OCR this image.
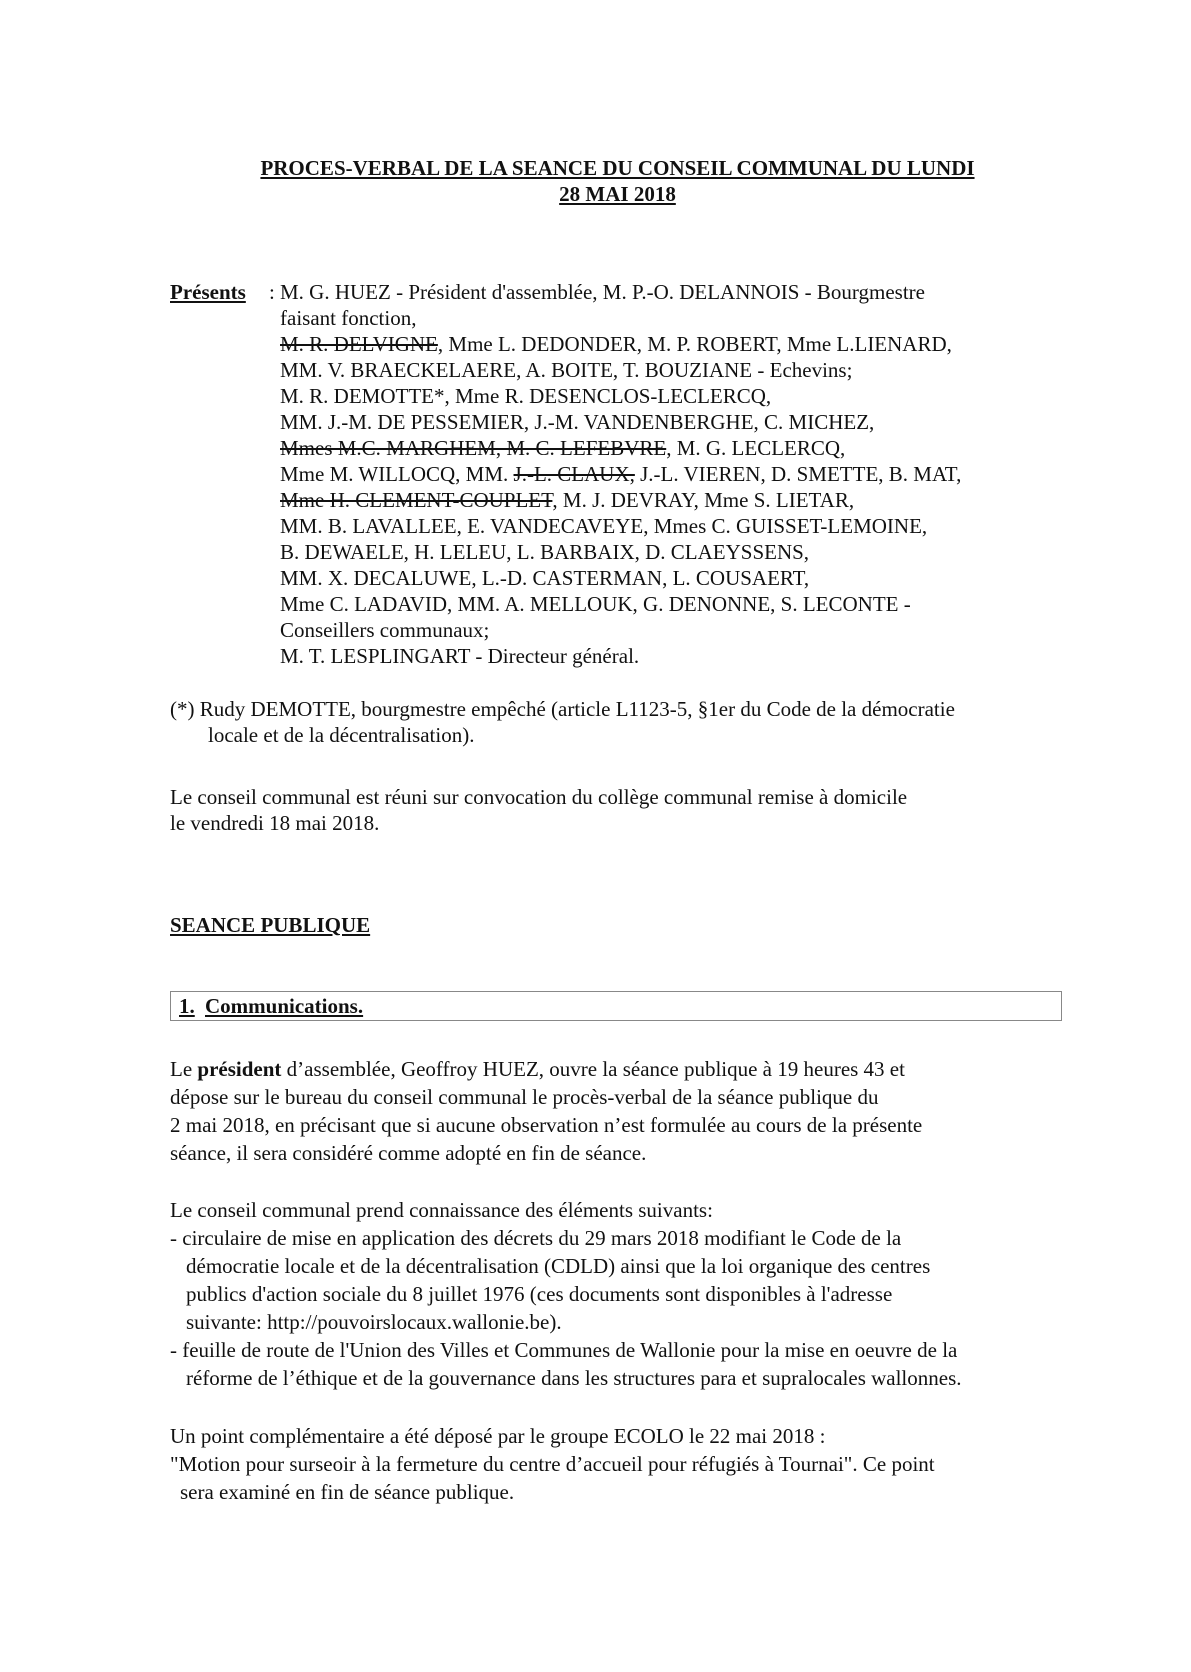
PROCES-VERBAL DE LA SEANCE DU CONSEIL COMMUNAL DU LUNDI
28 MAI 2018
Présents : M. G. HUEZ - Président d'assemblée, M. P.-O. DELANNOIS - Bourgmestre
faisant fonction,
M. R. DELVIGNE, Mme L. DEDONDER, M. P. ROBERT, Mme L.LIENARD,
MM. V. BRAECKELAERE, A. BOITE, T. BOUZIANE - Echevins;
M. R. DEMOTTE*, Mme R. DESENCLOS-LECLERCQ,
MM. J.-M. DE PESSEMIER, J.-M. VANDENBERGHE, C. MICHEZ,
Mmes M.C. MARGHEM, M. C. LEFEBVRE, M. G. LECLERCQ,
Mme M. WILLOCQ, MM. J.-L. CLAUX, J.-L. VIEREN, D. SMETTE, B. MAT,
Mme H. CLEMENT-COUPLET, M. J. DEVRAY, Mme S. LIETAR,
MM. B. LAVALLEE, E. VANDECAVEYE, Mmes C. GUISSET-LEMOINE,
B. DEWAELE, H. LELEU, L. BARBAIX, D. CLAEYSSENS,
MM. X. DECALUWE, L.-D. CASTERMAN, L. COUSAERT,
Mme C. LADAVID, MM. A. MELLOUK, G. DENONNE, S. LECONTE -
Conseillers communaux;
M. T. LESPLINGART - Directeur général.
(*) Rudy DEMOTTE, bourgmestre empêché (article L1123-5, §1er du Code de la démocratie
locale et de la décentralisation).
Le conseil communal est réuni sur convocation du collège communal remise à domicile
le vendredi 18 mai 2018.
SEANCE PUBLIQUE
1. Communications.
Le président d’assemblée, Geoffroy HUEZ, ouvre la séance publique à 19 heures 43 et
dépose sur le bureau du conseil communal le procès-verbal de la séance publique du
2 mai 2018, en précisant que si aucune observation n’est formulée au cours de la présente
séance, il sera considéré comme adopté en fin de séance.
Le conseil communal prend connaissance des éléments suivants:
- circulaire de mise en application des décrets du 29 mars 2018 modifiant le Code de la
démocratie locale et de la décentralisation (CDLD) ainsi que la loi organique des centres
publics d'action sociale du 8 juillet 1976 (ces documents sont disponibles à l'adresse
suivante: http://pouvoirslocaux.wallonie.be).
- feuille de route de l'Union des Villes et Communes de Wallonie pour la mise en oeuvre de la
réforme de l’éthique et de la gouvernance dans les structures para et supralocales wallonnes.
Un point complémentaire a été déposé par le groupe ECOLO le 22 mai 2018 :
"Motion pour surseoir à la fermeture du centre d’accueil pour réfugiés à Tournai". Ce point
sera examiné en fin de séance publique.
